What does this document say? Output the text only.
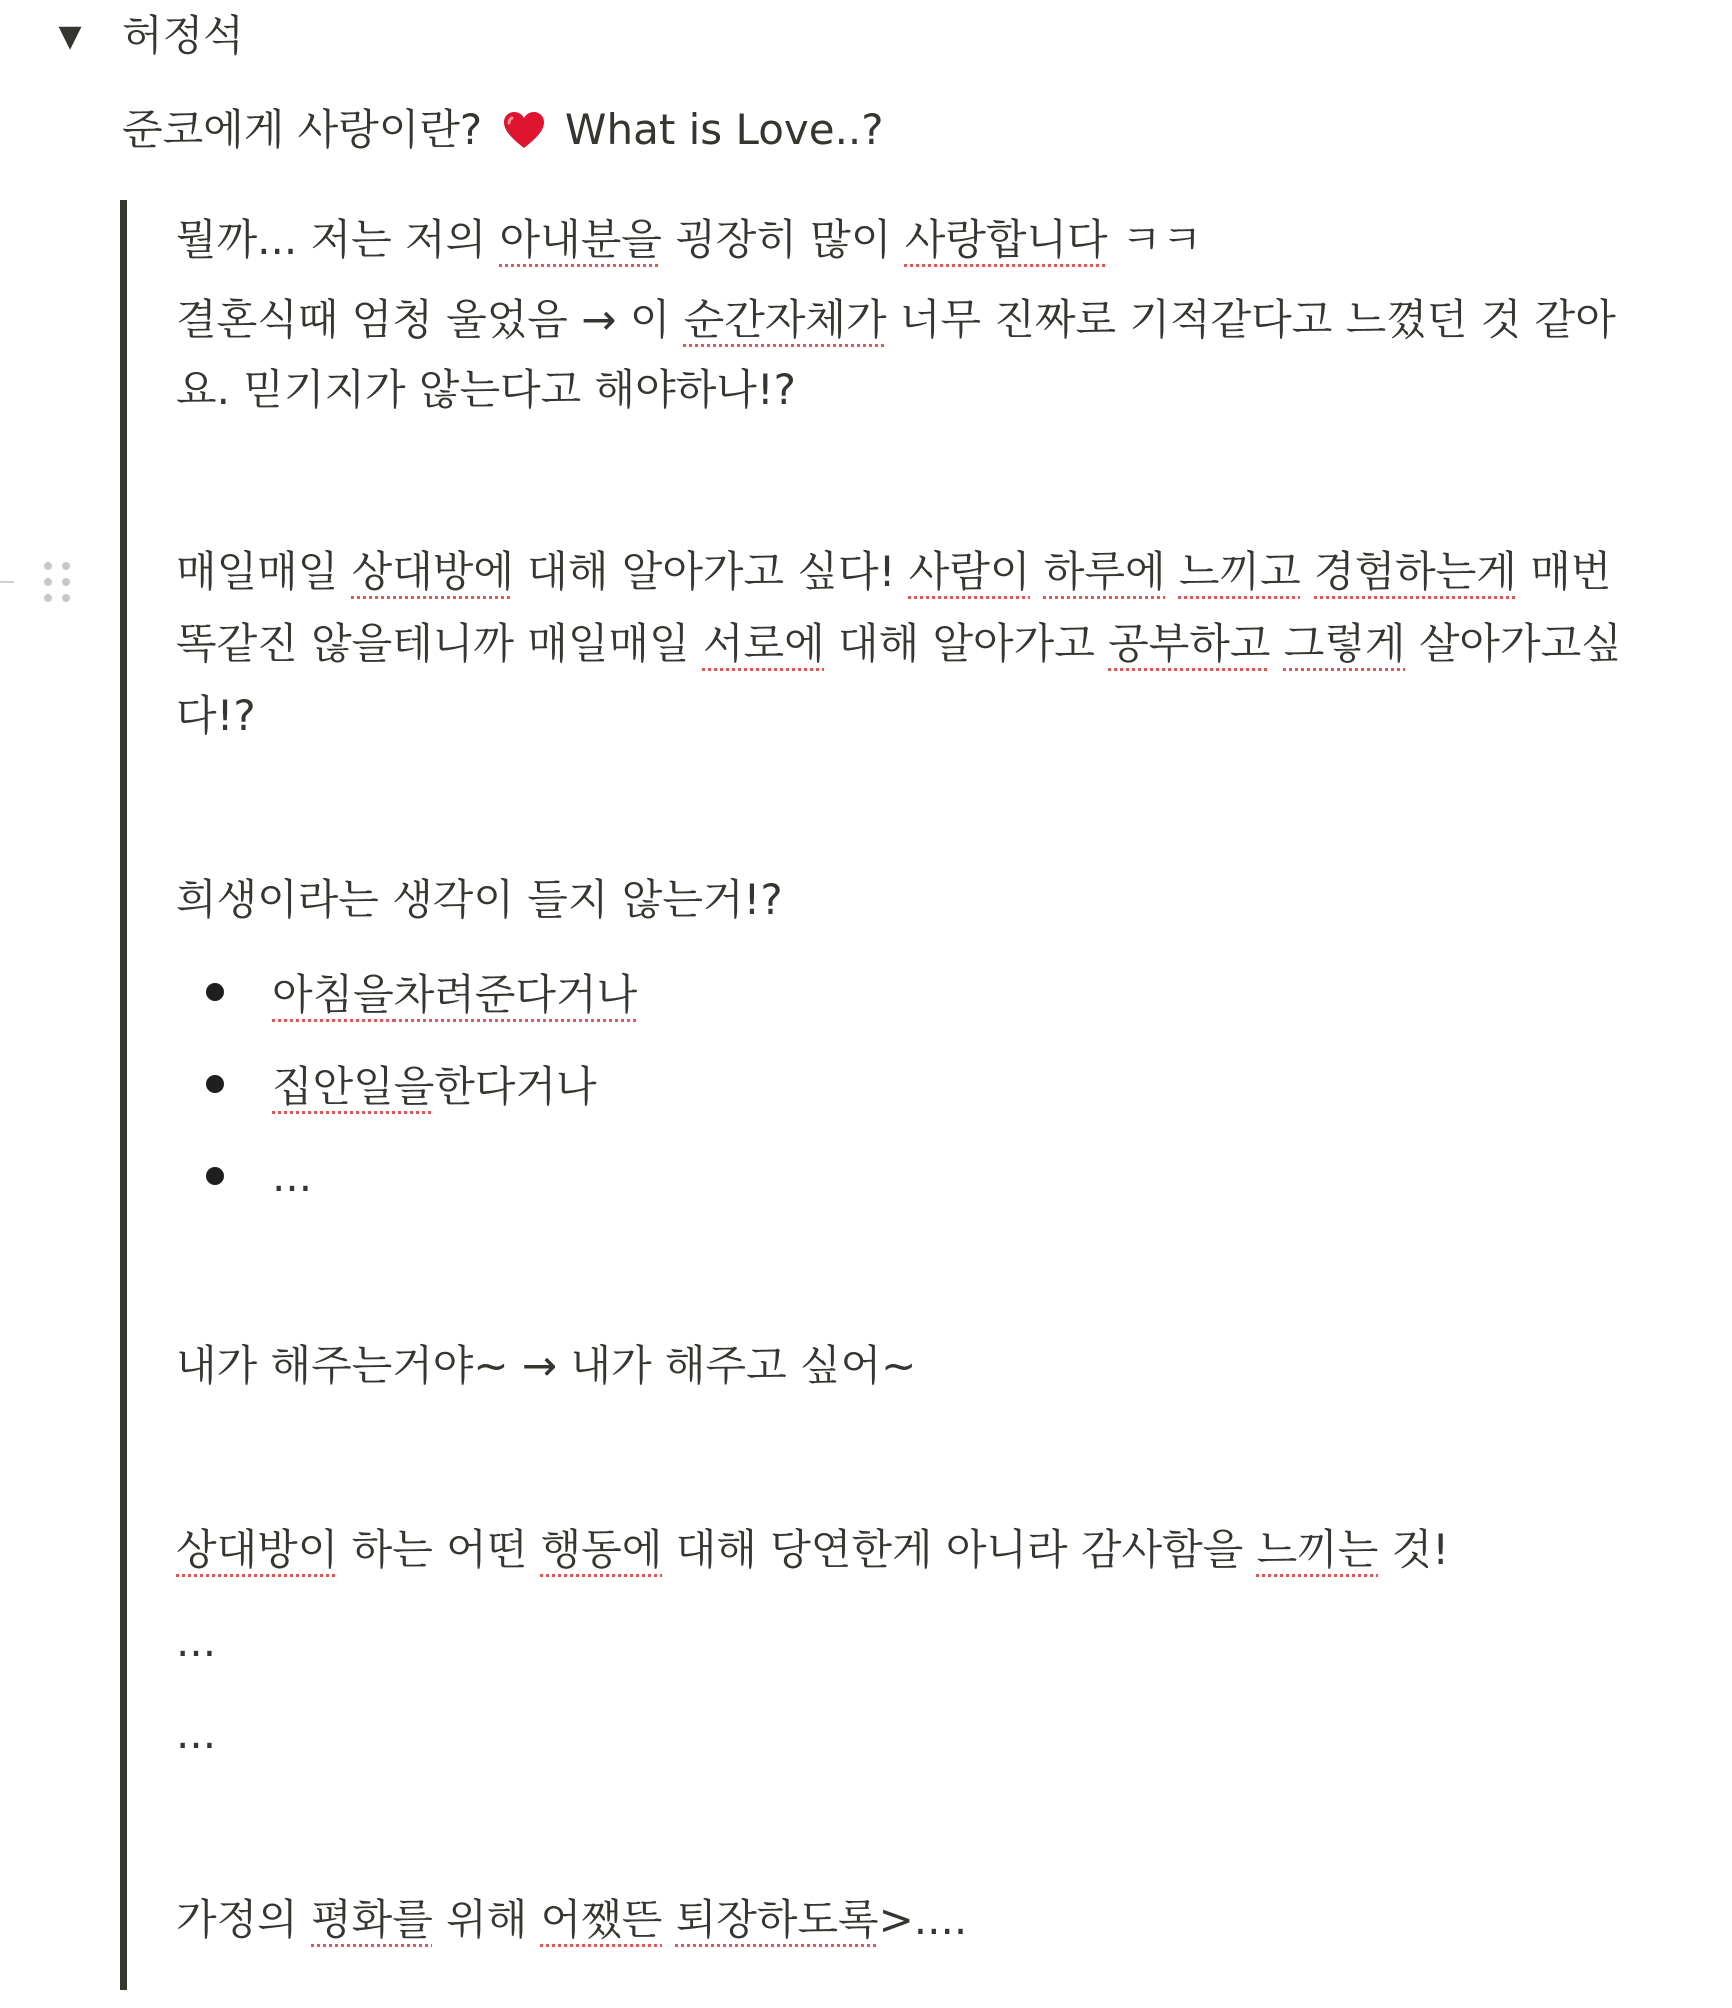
▼ 허정석
준코에게 사랑이란?  What is Love..?
뭘까... 저는 저의 아내분을 굉장히 많이 사랑합니다 ㅋㅋ
결혼식때 엄청 울었음 → 이 순간자체가 너무 진짜로 기적같다고 느꼈던 것 같아
요. 믿기지가 않는다고 해야하나!?
매일매일 상대방에 대해 알아가고 싶다! 사람이 하루에 느끼고 경험하는게 매번
똑같진 않을테니까 매일매일 서로에 대해 알아가고 공부하고 그렇게 살아가고싶
다!?
희생이라는 생각이 들지 않는거!?
아침을 차려준다거나
집안일을 한다거나
...
내가 해주는거야~ → 내가 해주고 싶어~
상대방이 하는 어떤 행동에 대해 당연한게 아니라 감사함을 느끼는 것!
...
...
가정의 평화를 위해 어쨌뜬 퇴장하도록>....
